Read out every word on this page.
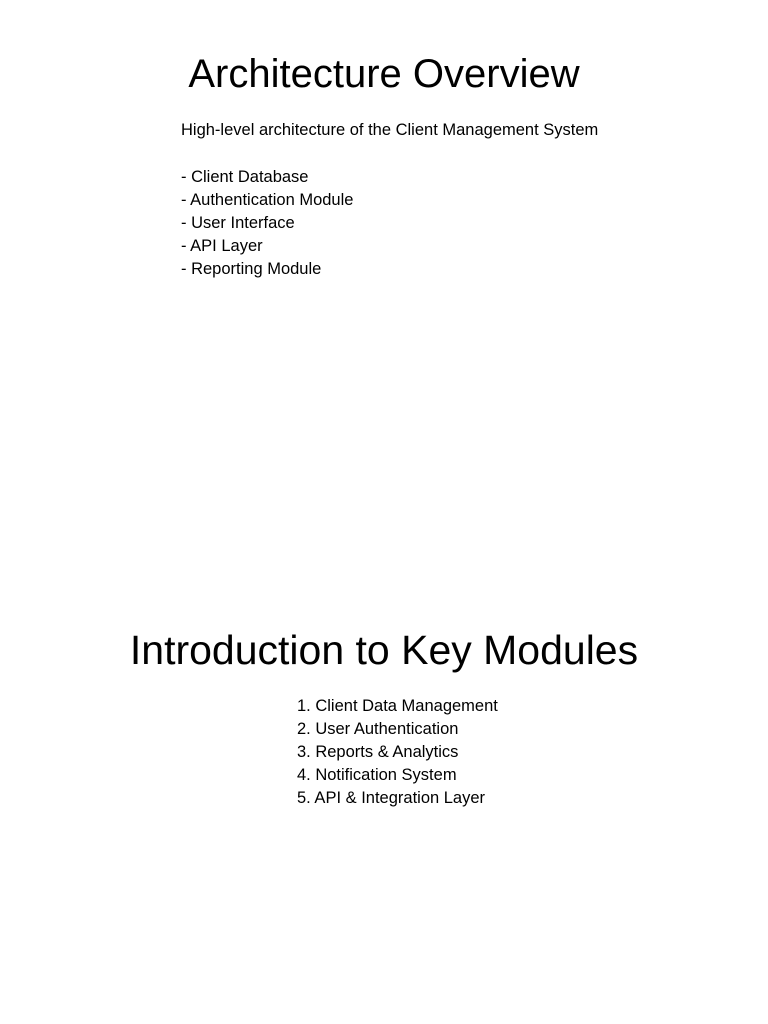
Architecture Overview
High-level architecture of the Client Management System
- Client Database
- Authentication Module
- User Interface
- API Layer
- Reporting Module
Introduction to Key Modules
1. Client Data Management
2. User Authentication
3. Reports & Analytics
4. Notification System
5. API & Integration Layer
